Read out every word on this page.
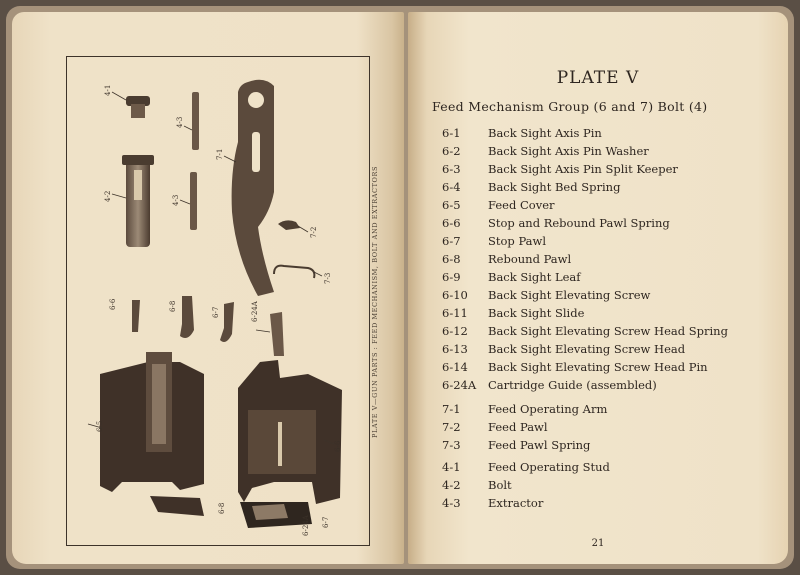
4-1
4-3
4-2	4-3
7-1
7-2
7-3
6-6	6-8
6-7	6-24A
6-5
6-6
6-8
6-24A 6-7
PLATE V—GUN PARTS : FEED MECHANISM, BOLT AND EXTRACTORS
PLATE V
Feed Mechanism Group (6 and 7) Bolt (4)
6-1 Back Sight Axis Pin
6-2 Back Sight Axis Pin Washer
6-3 Back Sight Axis Pin Split Keeper
6-4 Back Sight Bed Spring
6-5 Feed Cover
6-6 Stop and Rebound Pawl Spring
6-7 Stop Pawl
6-8 Rebound Pawl
6-9 Back Sight Leaf
6-10 Back Sight Elevating Screw
6-11 Back Sight Slide
6-12 Back Sight Elevating Screw Head Spring
6-13 Back Sight Elevating Screw Head
6-14 Back Sight Elevating Screw Head Pin
6-24A Cartridge Guide (assembled)
7-1 Feed Operating Arm
7-2 Feed Pawl
7-3 Feed Pawl Spring
4-1 Feed Operating Stud
4-2 Bolt
4-3 Extractor
21
